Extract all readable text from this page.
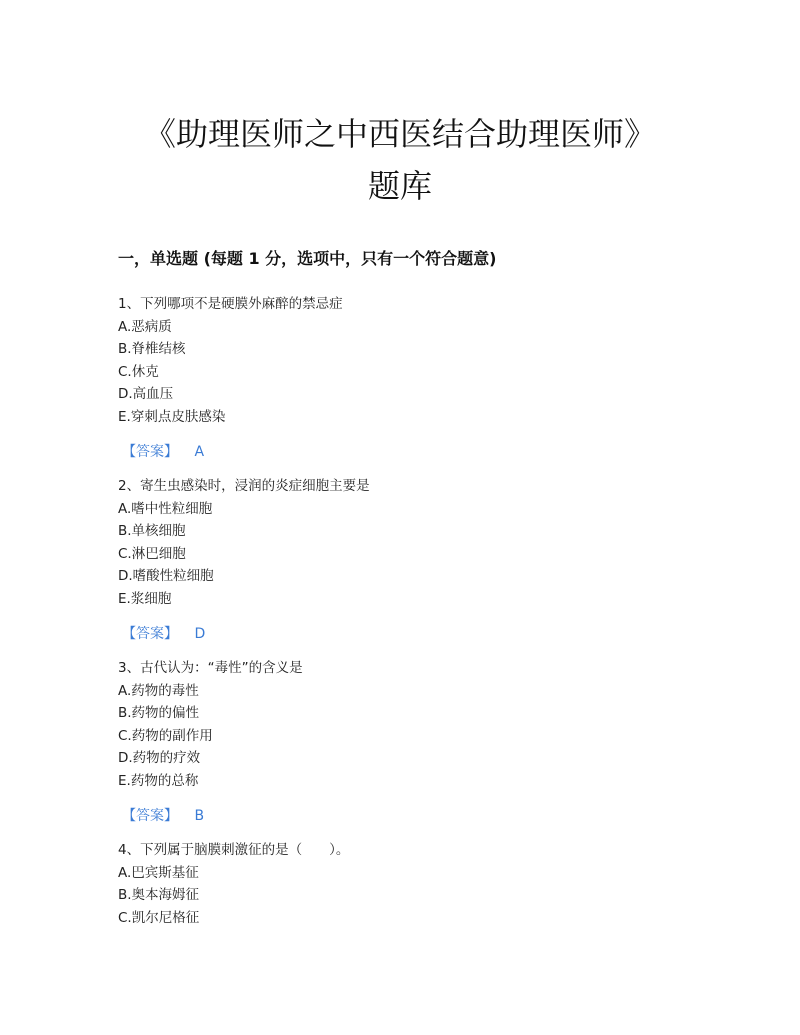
《助理医师之中西医结合助理医师》
题库
一，单选题 (每题 1 分，选项中，只有一个符合题意)
1、下列哪项不是硬膜外麻醉的禁忌症
A.恶病质
B.脊椎结核
C.休克
D.高血压
E.穿刺点皮肤感染
【答案】 A
2、寄生虫感染时，浸润的炎症细胞主要是
A.嗜中性粒细胞
B.单核细胞
C.淋巴细胞
D.嗜酸性粒细胞
E.浆细胞
【答案】 D
3、古代认为：“毒性”的含义是
A.药物的毒性
B.药物的偏性
C.药物的副作用
D.药物的疗效
E.药物的总称
【答案】 B
4、下列属于脑膜刺激征的是（　　）。
A.巴宾斯基征
B.奥本海姆征
C.凯尔尼格征
